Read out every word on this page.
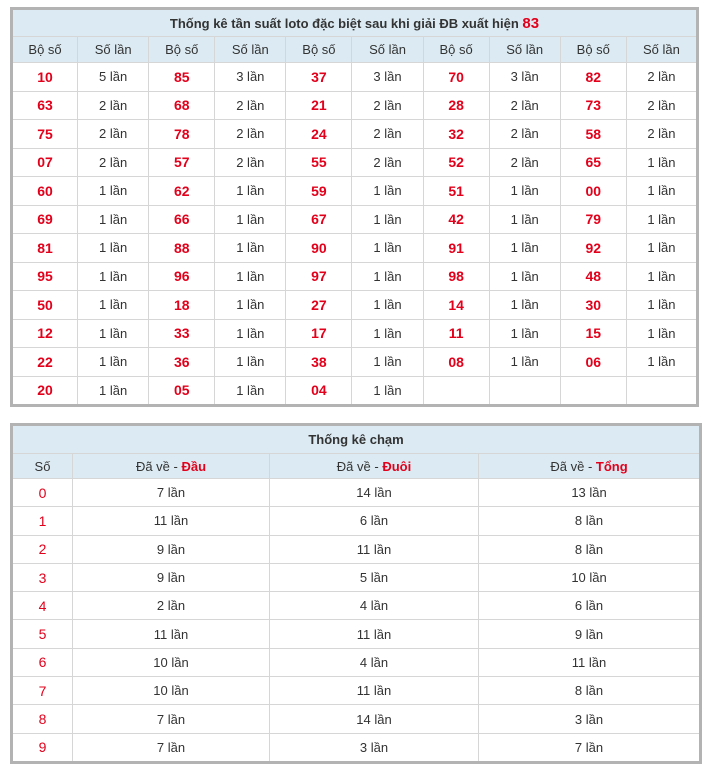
Thống kê tần suất loto đặc biệt sau khi giải ĐB xuất hiện 83									
Bộ số	Số lần	Bộ số	Số lần	Bộ số	Số lần	Bộ số	Số lần	Bộ số	Số lần
10	5 lần	85	3 lần	37	3 lần	70	3 lần	82	2 lần
63	2 lần	68	2 lần	21	2 lần	28	2 lần	73	2 lần
75	2 lần	78	2 lần	24	2 lần	32	2 lần	58	2 lần
07	2 lần	57	2 lần	55	2 lần	52	2 lần	65	1 lần
60	1 lần	62	1 lần	59	1 lần	51	1 lần	00	1 lần
69	1 lần	66	1 lần	67	1 lần	42	1 lần	79	1 lần
81	1 lần	88	1 lần	90	1 lần	91	1 lần	92	1 lần
95	1 lần	96	1 lần	97	1 lần	98	1 lần	48	1 lần
50	1 lần	18	1 lần	27	1 lần	14	1 lần	30	1 lần
12	1 lần	33	1 lần	17	1 lần	11	1 lần	15	1 lần
22	1 lần	36	1 lần	38	1 lần	08	1 lần	06	1 lần
20	1 lần	05	1 lần	04	1 lần				
Thống kê chạm			
Số	Đã về - Đầu	Đã về - Đuôi	Đã về - Tổng
0	7 lần	14 lần	13 lần
1	11 lần	6 lần	8 lần
2	9 lần	11 lần	8 lần
3	9 lần	5 lần	10 lần
4	2 lần	4 lần	6 lần
5	11 lần	11 lần	9 lần
6	10 lần	4 lần	11 lần
7	10 lần	11 lần	8 lần
8	7 lần	14 lần	3 lần
9	7 lần	3 lần	7 lần
